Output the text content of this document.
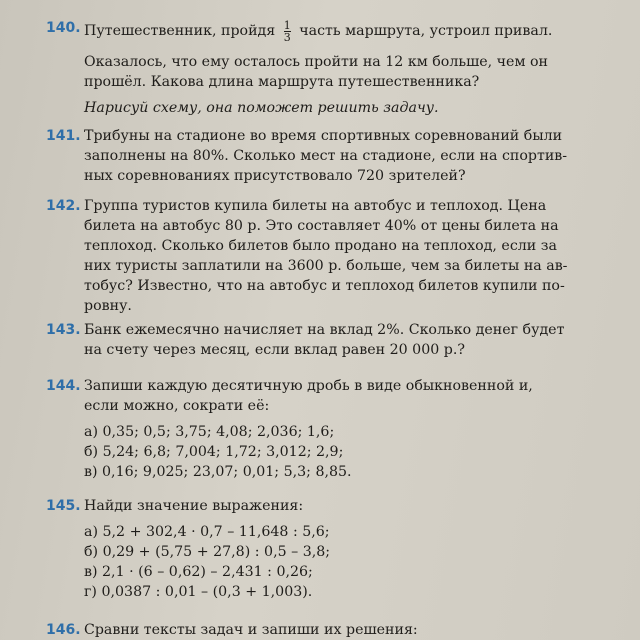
140. Путешественник, пройдя $\frac{1}{3}$ часть маршрута, устроил привал.
Оказалось, что ему осталось пройти на 12 км больше, чем он
прошёл. Какова длина маршрута путешественника?
Нарисуй схему, она поможет решить задачу.
141. Трибуны на стадионе во время спортивных соревнований были
заполнены на 80%. Сколько мест на стадионе, если на спортив-
ных соревнованиях присутствовало 720 зрителей?
142. Группа туристов купила билеты на автобус и теплоход. Цена
билета на автобус 80 р. Это составляет 40% от цены билета на
теплоход. Сколько билетов было продано на теплоход, если за
них туристы заплатили на 3600 р. больше, чем за билеты на ав-
тобус? Известно, что на автобус и теплоход билетов купили по-
ровну.
143. Банк ежемесячно начисляет на вклад 2%. Сколько денег будет
на счету через месяц, если вклад равен 20 000 р.?
144. Запиши каждую десятичную дробь в виде обыкновенной и,
если можно, сократи её:
а) 0,35; 0,5; 3,75; 4,08; 2,036; 1,6;
б) 5,24; 6,8; 7,004; 1,72; 3,012; 2,9;
в) 0,16; 9,025; 23,07; 0,01; 5,3; 8,85.
145. Найди значение выражения:
а) 5,2 + 302,4 · 0,7 – 11,648 : 5,6;
б) 0,29 + (5,75 + 27,8) : 0,5 – 3,8;
в) 2,1 · (6 – 0,62) – 2,431 : 0,26;
г) 0,0387 : 0,01 – (0,3 + 1,003).
146. Сравни тексты задач и запиши их решения:
